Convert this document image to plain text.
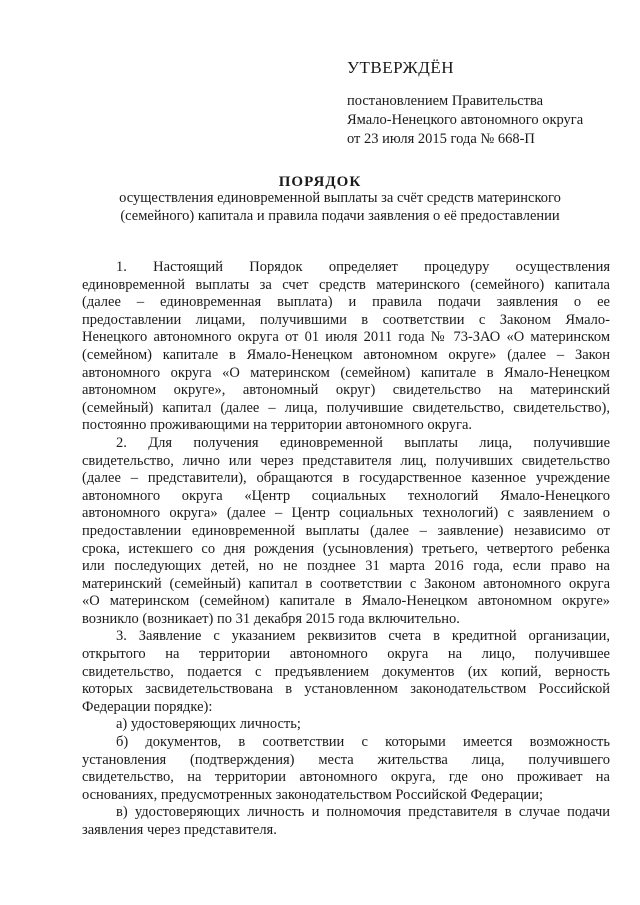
УТВЕРЖДЁН

постановлением Правительства

Ямало-Ненецкого автономного округа

от 23 июля 2015 года № 668-П

ПОРЯДОК

осуществления единовременной выплаты за счёт средств материнского

(семейного) капитала и правила подачи заявления о её предоставлении

1. Настоящий Порядок определяет процедуру осуществления
единовременной выплаты за счет средств материнского (семейного) капитала
(далее – единовременная выплата) и правила подачи заявления о ее
предоставлении лицами, получившими в соответствии с Законом Ямало-
Ненецкого автономного округа от 01 июля 2011 года № 73-ЗАО «О материнском
(семейном) капитале в Ямало-Ненецком автономном округе» (далее – Закон
автономного округа «О материнском (семейном) капитале в Ямало-Ненецком
автономном округе», автономный округ) свидетельство на материнский
(семейный) капитал (далее – лица, получившие свидетельство, свидетельство),
постоянно проживающими на территории автономного округа.
2. Для получения единовременной выплаты лица, получившие
свидетельство, лично или через представителя лиц, получивших свидетельство
(далее – представители), обращаются в государственное казенное учреждение
автономного округа «Центр социальных технологий Ямало-Ненецкого
автономного округа» (далее – Центр социальных технологий) с заявлением о
предоставлении единовременной выплаты (далее – заявление) независимо от
срока, истекшего со дня рождения (усыновления) третьего, четвертого ребенка
или последующих детей, но не позднее 31 марта 2016 года, если право на
материнский (семейный) капитал в соответствии с Законом автономного округа
«О материнском (семейном) капитале в Ямало-Ненецком автономном округе»
возникло (возникает) по 31 декабря 2015 года включительно.
3. Заявление с указанием реквизитов счета в кредитной организации,
открытого на территории автономного округа на лицо, получившее
свидетельство, подается с предъявлением документов (их копий, верность
которых засвидетельствована в установленном законодательством Российской
Федерации порядке):
а) удостоверяющих личность;
б) документов, в соответствии с которыми имеется возможность
установления (подтверждения) места жительства лица, получившего
свидетельство, на территории автономного округа, где оно проживает на
основаниях, предусмотренных законодательством Российской Федерации;
в) удостоверяющих личность и полномочия представителя в случае подачи
заявления через представителя.
